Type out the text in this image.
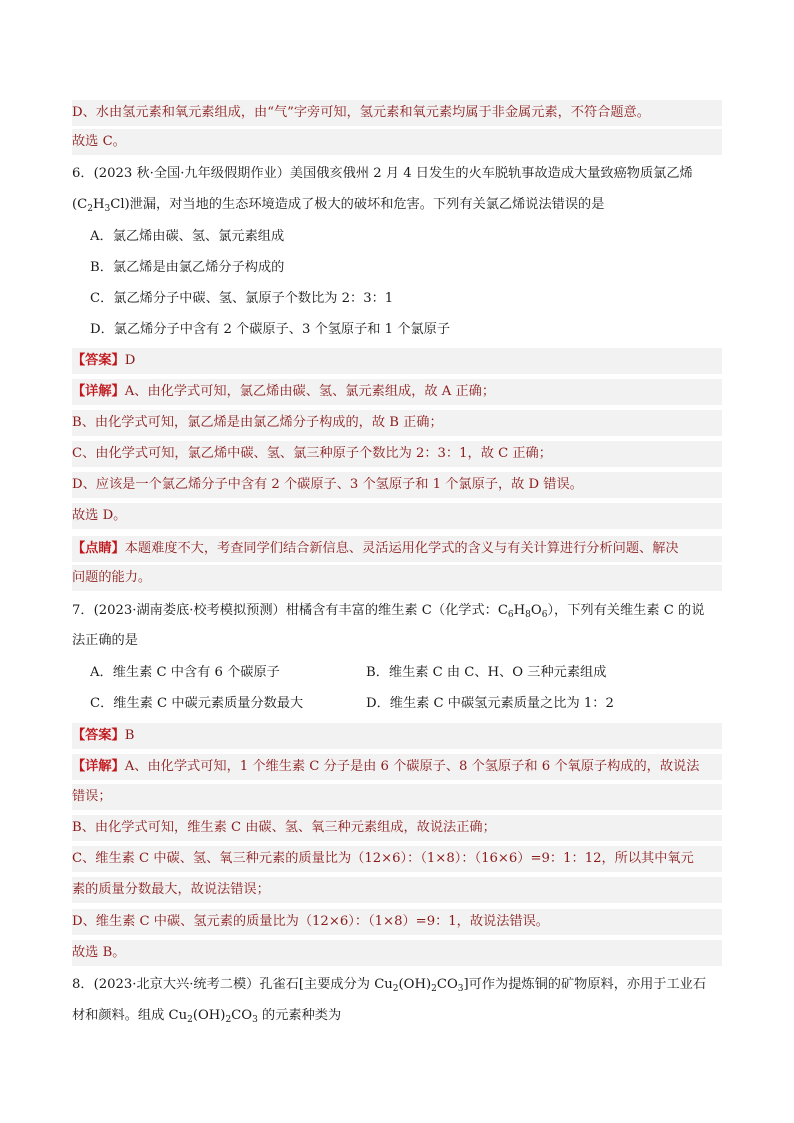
D、水由氢元素和氧元素组成，由“气”字旁可知，氢元素和氧元素均属于非金属元素，不符合题意。
故选 C。
6．(2023 秋·全国·九年级假期作业）美国俄亥俄州 2 月 4 日发生的火车脱轨事故造成大量致癌物质氯乙烯
$(C_2H_3Cl)$泄漏，对当地的生态环境造成了极大的破坏和危害。下列有关氯乙烯说法错误的是
A．氯乙烯由碳、氢、氯元素组成
B．氯乙烯是由氯乙烯分子构成的
C．氯乙烯分子中碳、氢、氯原子个数比为 2：3：1
D．氯乙烯分子中含有 2 个碳原子、3 个氢原子和 1 个氯原子
【答案】D
【详解】A、由化学式可知，氯乙烯由碳、氢、氯元素组成，故 A 正确；
B、由化学式可知，氯乙烯是由氯乙烯分子构成的，故 B 正确；
C、由化学式可知，氯乙烯中碳、氢、氯三种原子个数比为 2：3：1，故 C 正确；
D、应该是一个氯乙烯分子中含有 2 个碳原子、3 个氢原子和 1 个氯原子，故 D 错误。
故选 D。
【点睛】本题难度不大，考查同学们结合新信息、灵活运用化学式的含义与有关计算进行分析问题、解决
问题的能力。
7．(2023·湖南娄底·校考模拟预测）柑橘含有丰富的维生素 C（化学式：$C_6H_8O_6$），下列有关维生素 C 的说
法正确的是
A．维生素 C 中含有 6 个碳原子	B．维生素 C 由 C、H、O 三种元素组成
C．维生素 C 中碳元素质量分数最大	D．维生素 C 中碳氢元素质量之比为 1：2
【答案】B
【详解】A、由化学式可知，1 个维生素 C 分子是由 6 个碳原子、8 个氢原子和 6 个氧原子构成的，故说法
错误；
B、由化学式可知，维生素 C 由碳、氢、氧三种元素组成，故说法正确；
C、维生素 C 中碳、氢、氧三种元素的质量比为（12×6）：（1×8）：（16×6）=9：1：12，所以其中氧元
素的质量分数最大，故说法错误；
D、维生素 C 中碳、氢元素的质量比为（12×6）：（1×8）=9：1，故说法错误。
故选 B。
8．(2023·北京大兴·统考二模）孔雀石[主要成分为 $Cu_2(OH)_2CO_3$]可作为提炼铜的矿物原料，亦用于工业石
材和颜料。组成 $Cu_2(OH)_2CO_3$ 的元素种类为
